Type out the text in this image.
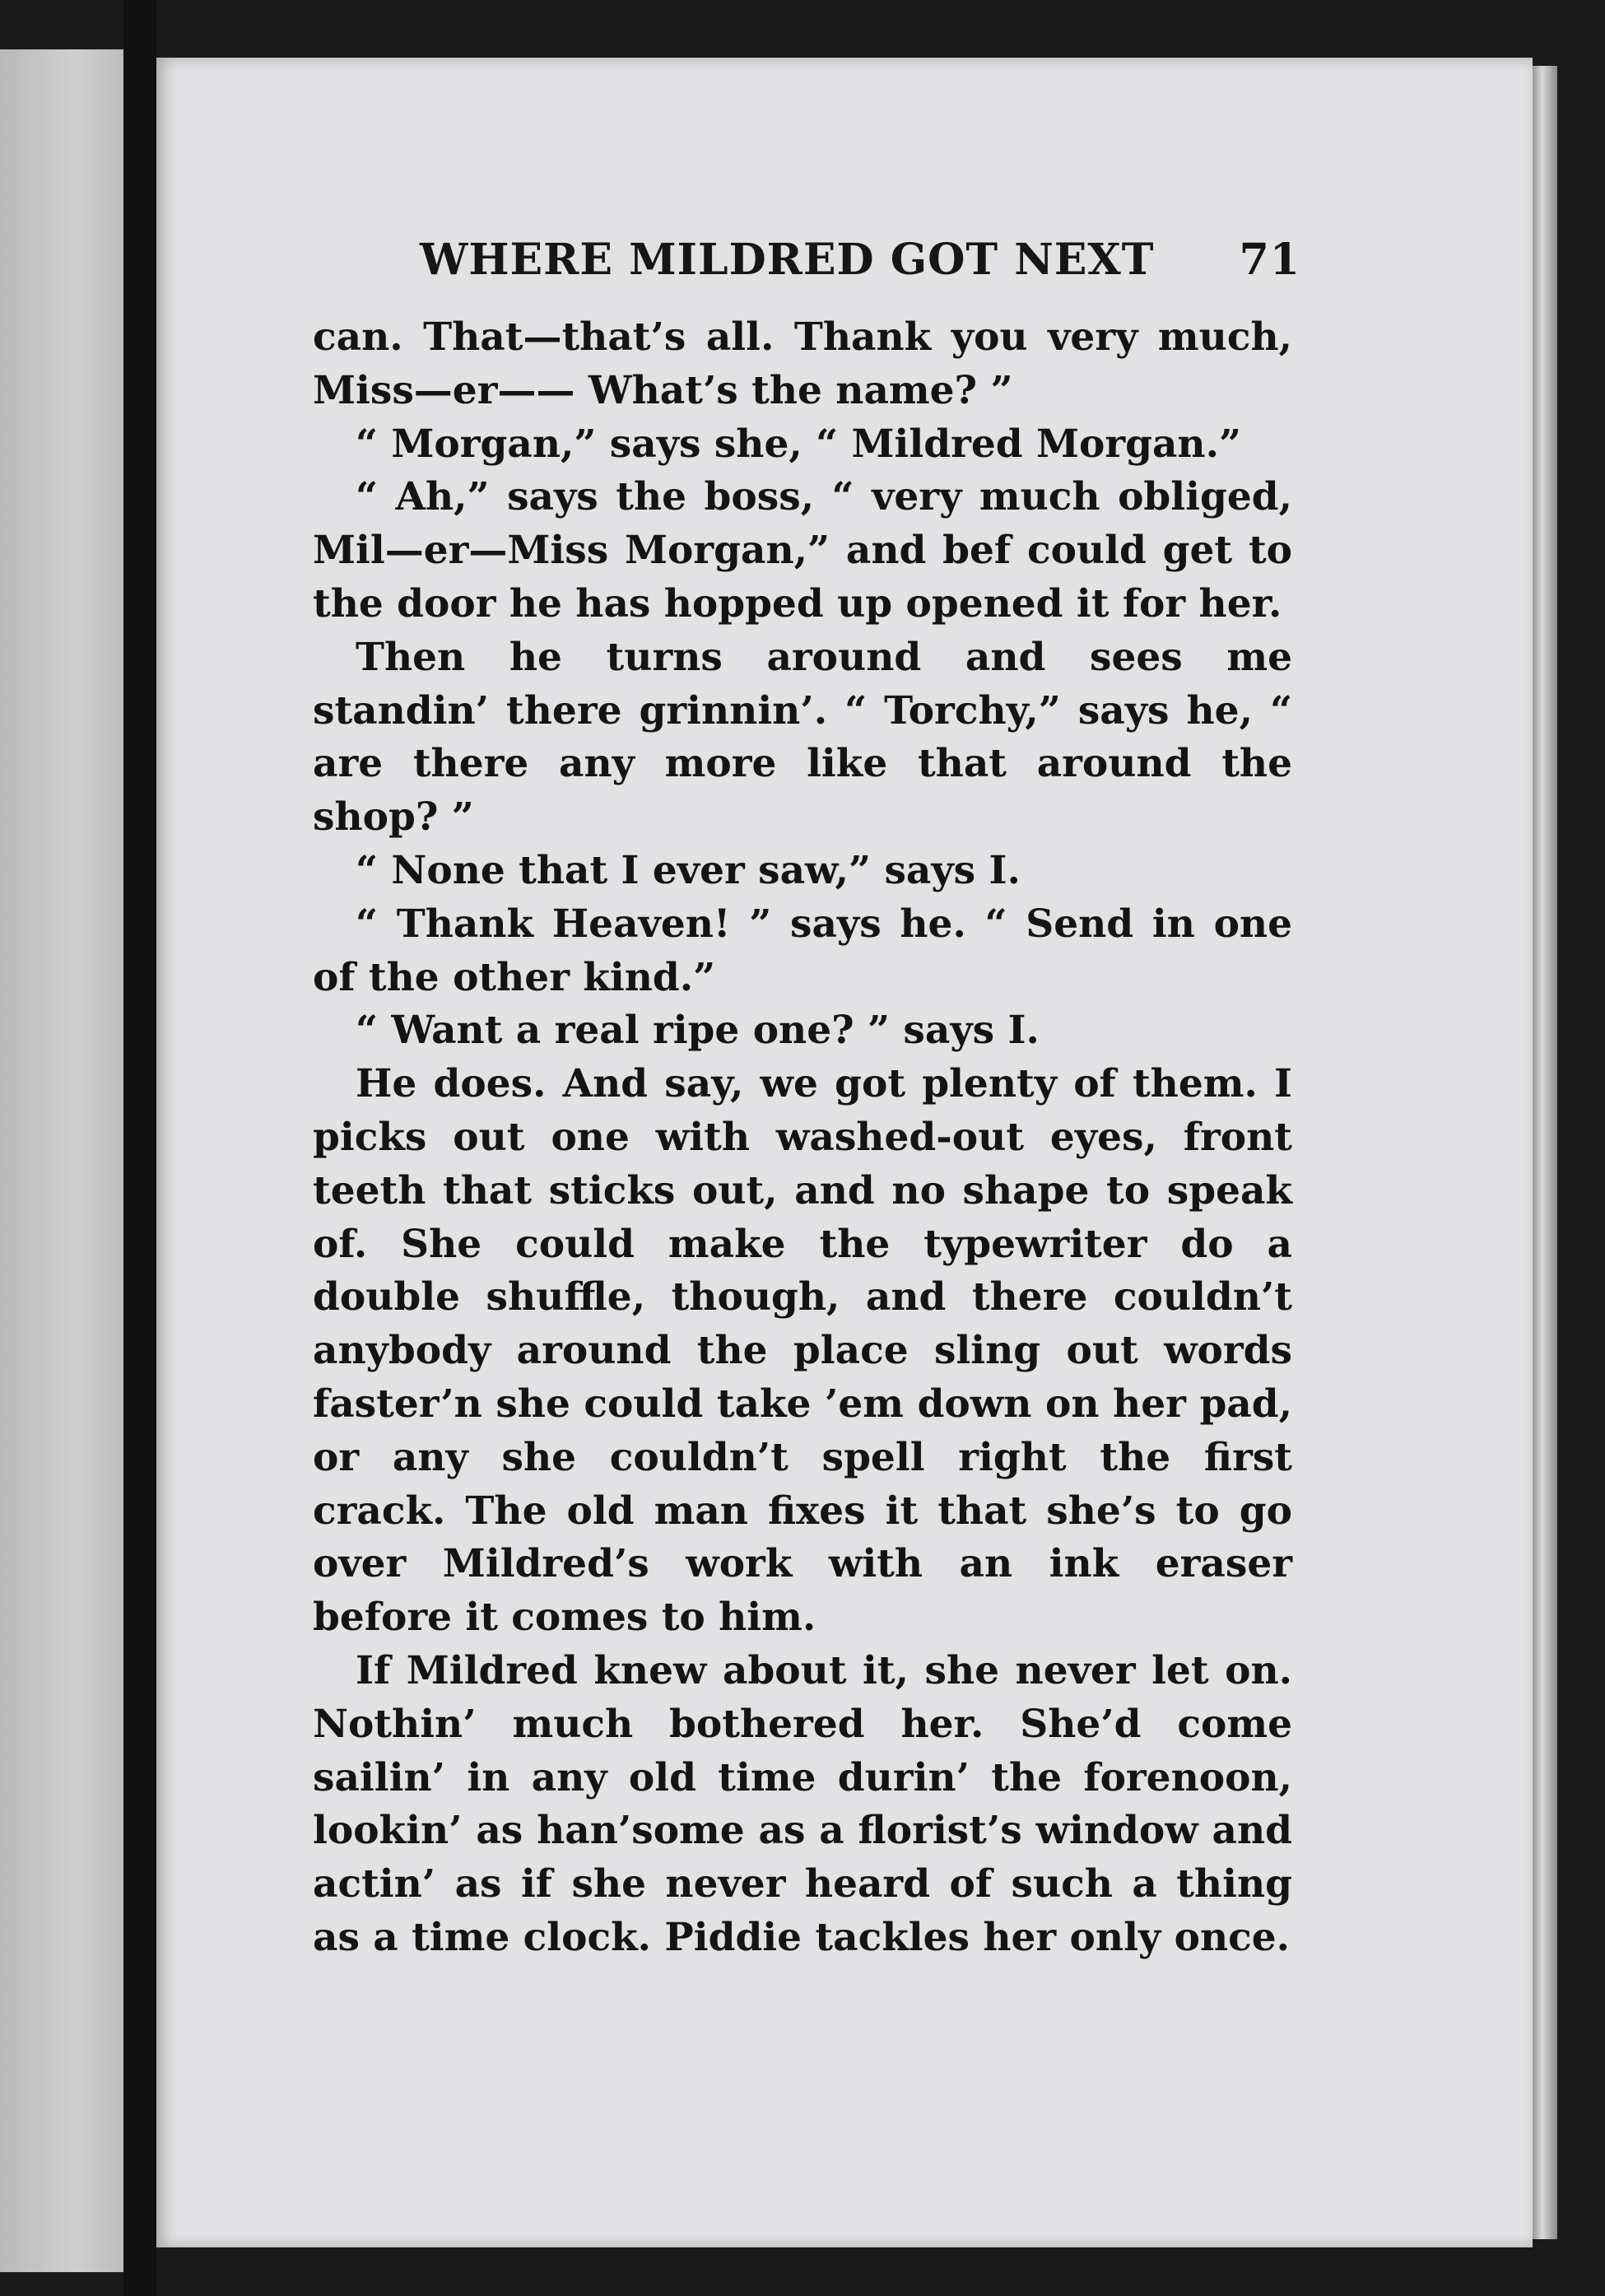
WHERE MILDRED GOT NEXT 71

can. That—that’s all. Thank you very much, Miss—er—— What’s the name? ”

“ Morgan,” says she, “ Mildred Morgan.”

“ Ah,” says the boss, “ very much obliged, Mil—er—Miss Morgan,” and bef could get to the door he has hopped up opened it for her.

Then he turns around and sees me standin’ there grinnin’. “ Torchy,” says he, “ are there any more like that around the shop? ”

“ None that I ever saw,” says I.

“ Thank Heaven! ” says he. “ Send in one of the other kind.”

“ Want a real ripe one? ” says I.

He does. And say, we got plenty of them. I picks out one with washed-out eyes, front teeth that sticks out, and no shape to speak of. She could make the typewriter do a double shuffle, though, and there couldn’t anybody around the place sling out words faster’n she could take ’em down on her pad, or any she couldn’t spell right the first crack. The old man fixes it that she’s to go over Mildred’s work with an ink eraser before it comes to him.

If Mildred knew about it, she never let on. Nothin’ much bothered her. She’d come sailin’ in any old time durin’ the forenoon, lookin’ as han’some as a florist’s window and actin’ as if she never heard of such a thing as a time clock. Piddie tackles her only once.
